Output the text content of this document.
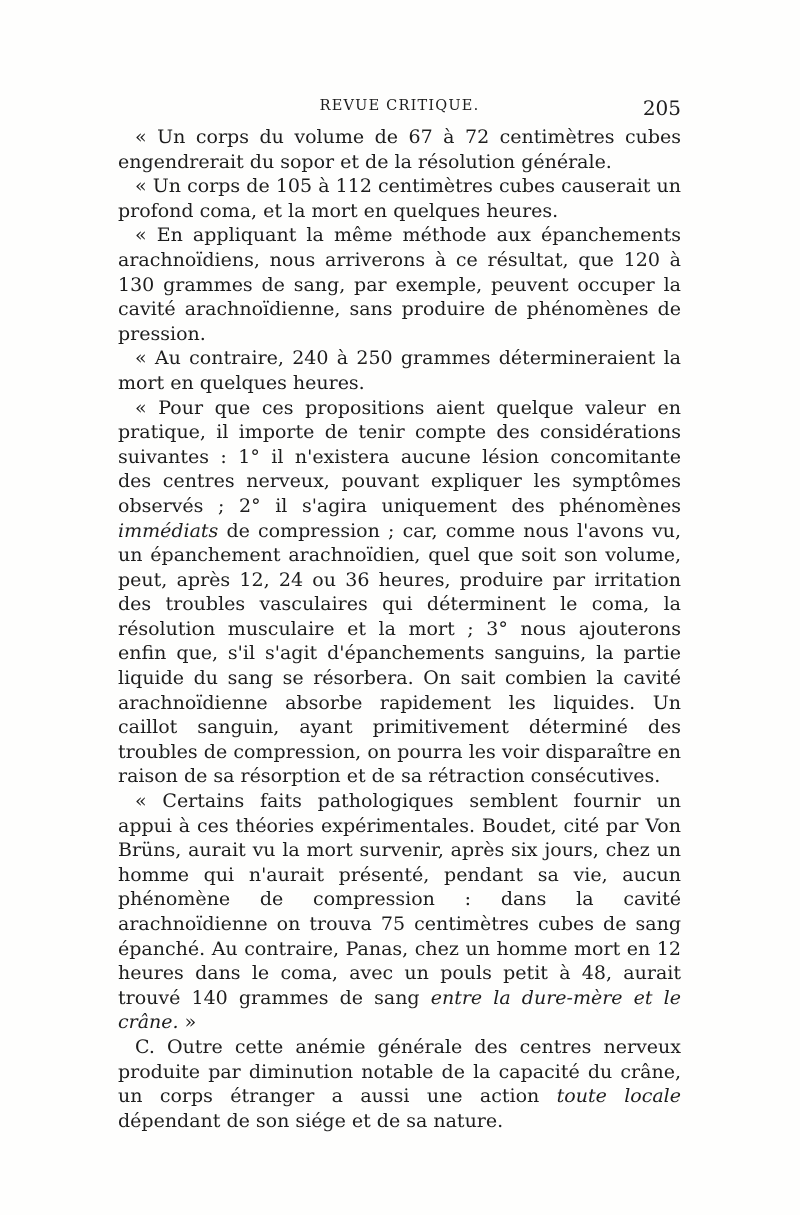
REVUE CRITIQUE.	205

« Un corps du volume de 67 à 72 centimètres cubes engendrerait du sopor et de la résolution générale.

« Un corps de 105 à 112 centimètres cubes causerait un profond coma, et la mort en quelques heures.

« En appliquant la même méthode aux épanchements arachnoïdiens, nous arriverons à ce résultat, que 120 à 130 grammes de sang, par exemple, peuvent occuper la cavité arachnoïdienne, sans produire de phénomènes de pression.

« Au contraire, 240 à 250 grammes détermineraient la mort en quelques heures.

« Pour que ces propositions aient quelque valeur en pratique, il importe de tenir compte des considérations suivantes : 1° il n'existera aucune lésion concomitante des centres nerveux, pouvant expliquer les symptômes observés ; 2° il s'agira uniquement des phénomènes immédiats de compression ; car, comme nous l'avons vu, un épanchement arachnoïdien, quel que soit son volume, peut, après 12, 24 ou 36 heures, produire par irritation des troubles vasculaires qui déterminent le coma, la résolution musculaire et la mort ; 3° nous ajouterons enfin que, s'il s'agit d'épanchements sanguins, la partie liquide du sang se résorbera. On sait combien la cavité arachnoïdienne absorbe rapidement les liquides. Un caillot sanguin, ayant primitivement déterminé des troubles de compression, on pourra les voir disparaître en raison de sa résorption et de sa rétraction consécutives.

« Certains faits pathologiques semblent fournir un appui à ces théories expérimentales. Boudet, cité par Von Brüns, aurait vu la mort survenir, après six jours, chez un homme qui n'aurait présenté, pendant sa vie, aucun phénomène de compression : dans la cavité arachnoïdienne on trouva 75 centimètres cubes de sang épanché. Au contraire, Panas, chez un homme mort en 12 heures dans le coma, avec un pouls petit à 48, aurait trouvé 140 grammes de sang entre la dure-mère et le crâne. »

C. Outre cette anémie générale des centres nerveux produite par diminution notable de la capacité du crâne, un corps étranger a aussi une action toute locale dépendant de son siége et de sa nature.
